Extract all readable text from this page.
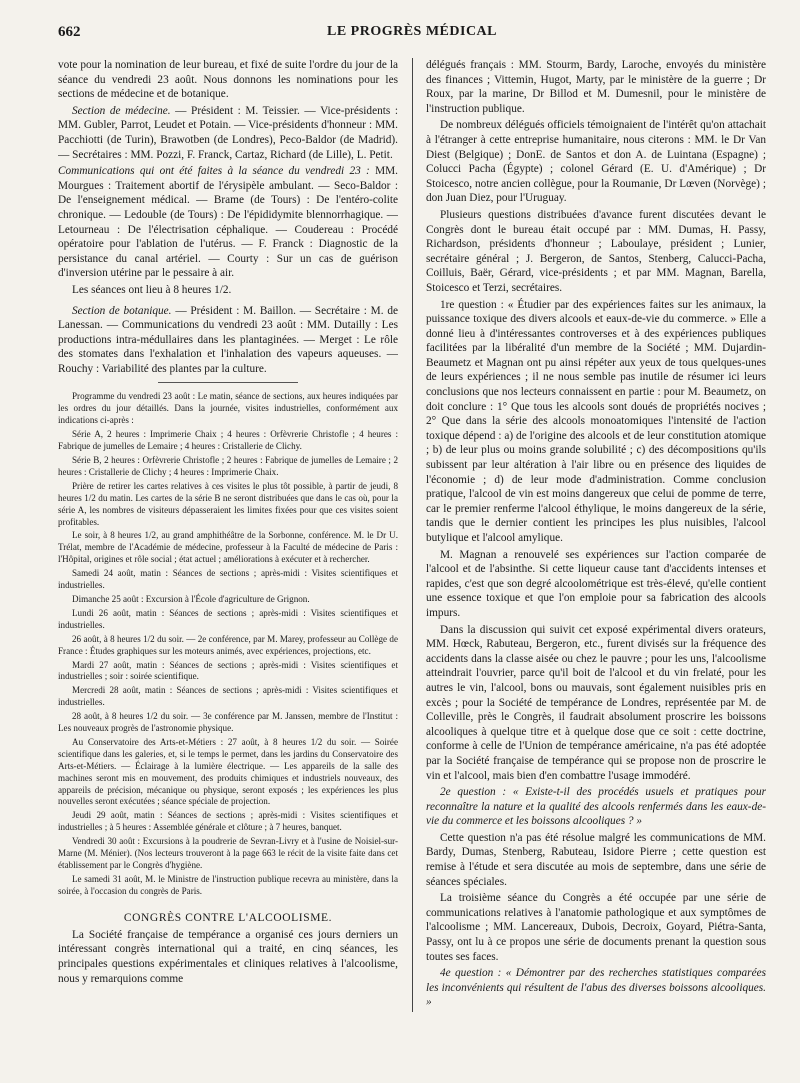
662	LE PROGRÈS MÉDICAL

vote pour la nomination de leur bureau, et fixé de suite l'ordre du jour de la séance du vendredi 23 août. Nous donnons les nominations pour les sections de médecine et de botanique.

Section de médecine. — Président : M. Teissier. — Vice-présidents : MM. Gubler, Parrot, Leudet et Potain. — Vice-présidents d'honneur : MM. Pacchiotti (de Turin), Brawotben (de Londres), Peco-Baldor (de Madrid). — Secrétaires : MM. Pozzi, F. Franck, Cartaz, Richard (de Lille), L. Petit.

Communications qui ont été faites à la séance du vendredi 23 : MM. Mourgues : Traitement abortif de l'érysipèle ambulant. — Seco-Baldor : De l'enseignement médical. — Brame (de Tours) : De l'entéro-colite chronique. — Ledouble (de Tours) : De l'épididymite blennorrhagique. — Letourneau : De l'électrisation céphalique. — Coudereau : Procédé opératoire pour l'ablation de l'utérus. — F. Franck : Diagnostic de la persistance du canal artériel. — Courty : Sur un cas de guérison d'inversion utérine par le pessaire à air.

Les séances ont lieu à 8 heures 1/2.

Section de botanique. — Président : M. Baillon. — Secrétaire : M. de Lanessan. — Communications du vendredi 23 août : MM. Dutailly : Les productions intra-médullaires dans les plantaginées. — Merget : Le rôle des stomates dans l'exhalation et l'inhalation des vapeurs aqueuses. — Rouchy : Variabilité des plantes par la culture.

Programme du vendredi 23 août : Le matin, séance de sections, aux heures indiquées par les ordres du jour détaillés. Dans la journée, visites industrielles, conformément aux indications ci-après :

Série A, 2 heures : Imprimerie Chaix ; 4 heures : Orfèvrerie Christofle ; 4 heures : Fabrique de jumelles de Lemaire ; 4 heures : Cristallerie de Clichy.

Série B, 2 heures : Orfèvrerie Christofle ; 2 heures : Fabrique de jumelles de Lemaire ; 2 heures : Cristallerie de Clichy ; 4 heures : Imprimerie Chaix.

Prière de retirer les cartes relatives à ces visites le plus tôt possible, à partir de jeudi, 8 heures 1/2 du matin. Les cartes de la série B ne seront distribuées que dans le cas où, pour la série A, les nombres de visiteurs dépasseraient les limites fixées pour que ces visites soient profitables.

Le soir, à 8 heures 1/2, au grand amphithéâtre de la Sorbonne, conférence. M. le Dr U. Trélat, membre de l'Académie de médecine, professeur à la Faculté de médecine de Paris : l'Hôpital, origines et rôle social ; état actuel ; améliorations à exécuter et à rechercher.

Samedi 24 août, matin : Séances de sections ; après-midi : Visites scientifiques et industrielles.

Dimanche 25 août : Excursion à l'École d'agriculture de Grignon.

Lundi 26 août, matin : Séances de sections ; après-midi : Visites scientifiques et industrielles.

26 août, à 8 heures 1/2 du soir. — 2e conférence, par M. Marey, professeur au Collège de France : Études graphiques sur les moteurs animés, avec expériences, projections, etc.

Mardi 27 août, matin : Séances de sections ; après-midi : Visites scientifiques et industrielles ; soir : soirée scientifique.

Mercredi 28 août, matin : Séances de sections ; après-midi : Visites scientifiques et industrielles.

28 août, à 8 heures 1/2 du soir. — 3e conférence par M. Janssen, membre de l'Institut : Les nouveaux progrès de l'astronomie physique.

Au Conservatoire des Arts-et-Métiers : 27 août, à 8 heures 1/2 du soir. — Soirée scientifique dans les galeries, et, si le temps le permet, dans les jardins du Conservatoire des Arts-et-Métiers. — Éclairage à la lumière électrique. — Les appareils de la salle des machines seront mis en mouvement, des produits chimiques et industriels nouveaux, des appareils de précision, mécanique ou physique, seront exposés ; les expériences les plus nouvelles seront exécutées ; séance spéciale de projection.

Jeudi 29 août, matin : Séances de sections ; après-midi : Visites scientifiques et industrielles ; à 5 heures : Assemblée générale et clôture ; à 7 heures, banquet.

Vendredi 30 août : Excursions à la poudrerie de Sevran-Livry et à l'usine de Noisiel-sur-Marne (M. Ménier). (Nos lecteurs trouveront à la page 663 le récit de la visite faite dans cet établissement par le Congrès d'hygiène.

Le samedi 31 août, M. le Ministre de l'instruction publique recevra au ministère, dans la soirée, à l'occasion du congrès de Paris.

CONGRÈS CONTRE L'ALCOOLISME.

La Société française de tempérance a organisé ces jours derniers un intéressant congrès international qui a traité, en cinq séances, les principales questions expérimentales et cliniques relatives à l'alcoolisme, nous y remarquions comme

délégués français : MM. Stourm, Bardy, Laroche, envoyés du ministère des finances ; Vittemin, Hugot, Marty, par le ministère de la guerre ; Dr Roux, par la marine, Dr Billod et M. Dumesnil, pour le ministère de l'instruction publique.

De nombreux délégués officiels témoignaient de l'intérêt qu'on attachait à l'étranger à cette entreprise humanitaire, nous citerons : MM. le Dr Van Diest (Belgique) ; DonE. de Santos et don A. de Luintana (Espagne) ; Colucci Pacha (Égypte) ; colonel Gérard (E. U. d'Amérique) ; Dr Stoicesco, notre ancien collègue, pour la Roumanie, Dr Lœven (Norvège) ; don Juan Diez, pour l'Uruguay.

Plusieurs questions distribuées d'avance furent discutées devant le Congrès dont le bureau était occupé par : MM. Dumas, H. Passy, Richardson, présidents d'honneur ; Laboulaye, président ; Lunier, secrétaire général ; J. Bergeron, de Santos, Stenberg, Calucci-Pacha, Coilluis, Baër, Gérard, vice-présidents ; et par MM. Magnan, Barella, Stoicesco et Terzi, secrétaires.

1re question : « Étudier par des expériences faites sur les animaux, la puissance toxique des divers alcools et eaux-de-vie du commerce. » Elle a donné lieu à d'intéressantes controverses et à des expériences publiques facilitées par la libéralité d'un membre de la Société ; MM. Dujardin-Beaumetz et Magnan ont pu ainsi répéter aux yeux de tous quelques-unes de leurs expériences ; il ne nous semble pas inutile de résumer ici leurs conclusions que nos lecteurs connaissent en partie : pour M. Beaumetz, on doit conclure : 1° Que tous les alcools sont doués de propriétés nocives ; 2° Que dans la série des alcools monoatomiques l'intensité de l'action toxique dépend : a) de l'origine des alcools et de leur constitution atomique ; b) de leur plus ou moins grande solubilité ; c) des décompositions qu'ils subissent par leur altération à l'air libre ou en présence des liquides de l'économie ; d) de leur mode d'administration. Comme conclusion pratique, l'alcool de vin est moins dangereux que celui de pomme de terre, car le premier renferme l'alcool éthylique, le moins dangereux de la série, tandis que le dernier contient les principes les plus nuisibles, l'alcool butylique et l'alcool amylique.

M. Magnan a renouvelé ses expériences sur l'action comparée de l'alcool et de l'absinthe. Si cette liqueur cause tant d'accidents intenses et rapides, c'est que son degré alcoolométrique est très-élevé, qu'elle contient une essence toxique et que l'on emploie pour sa fabrication des alcools impurs.

Dans la discussion qui suivit cet exposé expérimental divers orateurs, MM. Hœck, Rabuteau, Bergeron, etc., furent divisés sur la fréquence des accidents dans la classe aisée ou chez le pauvre ; pour les uns, l'alcoolisme atteindrait l'ouvrier, parce qu'il boit de l'alcool et du vin frelaté, pour les autres le vin, l'alcool, bons ou mauvais, sont également nuisibles pris en excès ; pour la Société de tempérance de Londres, représentée par M. de Colleville, près le Congrès, il faudrait absolument proscrire les boissons alcooliques à quelque titre et à quelque dose que ce soit : cette doctrine, conforme à celle de l'Union de tempérance américaine, n'a pas été adoptée par la Société française de tempérance qui se propose non de proscrire le vin et l'alcool, mais bien d'en combattre l'usage immodéré.

2e question : « Existe-t-il des procédés usuels et pratiques pour reconnaître la nature et la qualité des alcools renfermés dans les eaux-de-vie du commerce et les boissons alcooliques ? »

Cette question n'a pas été résolue malgré les communications de MM. Bardy, Dumas, Stenberg, Rabuteau, Isidore Pierre ; cette question est remise à l'étude et sera discutée au mois de septembre, dans une série de séances spéciales.

La troisième séance du Congrès a été occupée par une série de communications relatives à l'anatomie pathologique et aux symptômes de l'alcoolisme ; MM. Lancereaux, Dubois, Decroix, Goyard, Piétra-Santa, Passy, ont lu à ce propos une série de documents prenant la question sous toutes ses faces.

4e question : « Démontrer par des recherches statistiques comparées les inconvénients qui résultent de l'abus des diverses boissons alcooliques. »
